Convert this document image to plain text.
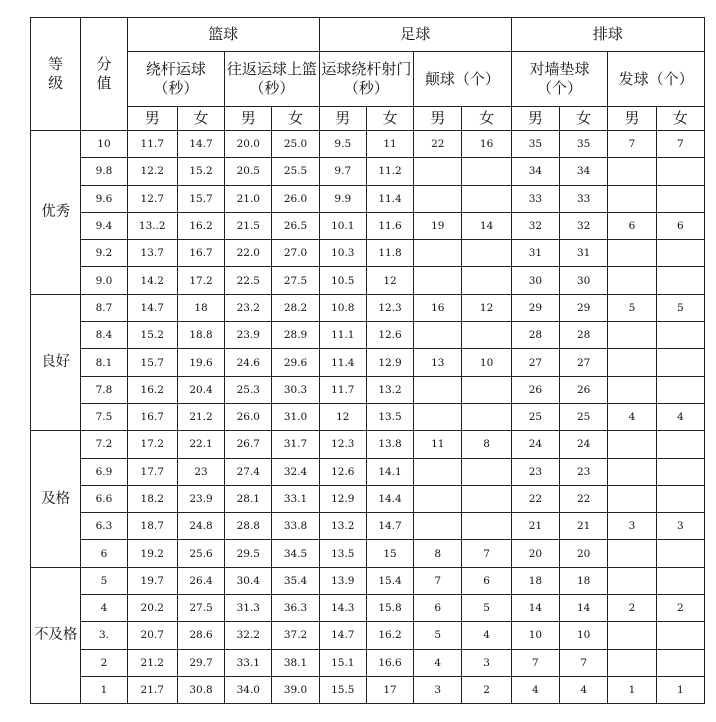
等
级	分
值	篮球				足球				排球			
		绕杆运球（秒）		往返运球上篮（秒）		运球绕杆射门（秒）		颠球（个）		对墙垫球（个）		发球（个）	
		男	女	男	女	男	女	男	女	男	女	男	女
优秀	10	11.7	14.7	20.0	25.0	9.5	11	22	16	35	35	7	7
	9.8	12.2	15.2	20.5	25.5	9.7	11.2			34	34		
	9.6	12.7	15.7	21.0	26.0	9.9	11.4			33	33		
	9.4	13..2	16.2	21.5	26.5	10.1	11.6	19	14	32	32	6	6
	9.2	13.7	16.7	22.0	27.0	10.3	11.8			31	31		
	9.0	14.2	17.2	22.5	27.5	10.5	12			30	30		
良好	8.7	14.7	18	23.2	28.2	10.8	12.3	16	12	29	29	5	5
	8.4	15.2	18.8	23.9	28.9	11.1	12.6			28	28		
	8.1	15.7	19.6	24.6	29.6	11.4	12.9	13	10	27	27		
	7.8	16.2	20.4	25.3	30.3	11.7	13.2			26	26		
	7.5	16.7	21.2	26.0	31.0	12	13.5			25	25	4	4
及格	7.2	17.2	22.1	26.7	31.7	12.3	13.8	11	8	24	24		
	6.9	17.7	23	27.4	32.4	12.6	14.1			23	23		
	6.6	18.2	23.9	28.1	33.1	12.9	14.4			22	22		
	6.3	18.7	24.8	28.8	33.8	13.2	14.7			21	21	3	3
	6	19.2	25.6	29.5	34.5	13.5	15	8	7	20	20		
不及格	5	19.7	26.4	30.4	35.4	13.9	15.4	7	6	18	18		
	4	20.2	27.5	31.3	36.3	14.3	15.8	6	5	14	14	2	2
	3.	20.7	28.6	32.2	37.2	14.7	16.2	5	4	10	10		
	2	21.2	29.7	33.1	38.1	15.1	16.6	4	3	7	7		
	1	21.7	30.8	34.0	39.0	15.5	17	3	2	4	4	1	1
